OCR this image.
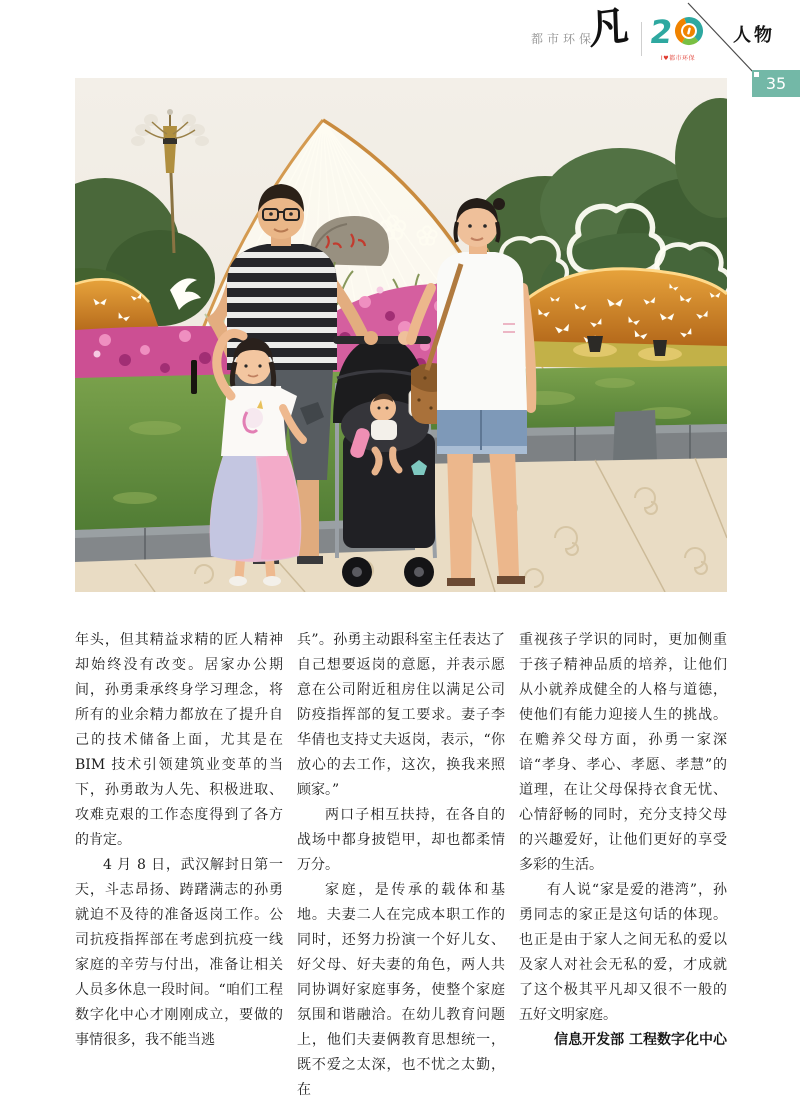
都市环保
凡 2
I♥都市环保
人物
35

年头，但其精益求精的匠人精神却始终没有改变。居家办公期间，孙勇秉承终身学习理念，将所有的业余精力都放在了提升自己的技术储备上面，尤其是在 BIM 技术引领建筑业变革的当下，孙勇敢为人先、积极进取、攻难克艰的工作态度得到了各方的肯定。

4 月 8 日，武汉解封日第一天，斗志昂扬、踌躇满志的孙勇就迫不及待的准备返岗工作。公司抗疫指挥部在考虑到抗疫一线家庭的辛劳与付出，准备让相关人员多休息一段时间。“咱们工程数字化中心才刚刚成立，要做的事情很多，我不能当逃

兵”。孙勇主动跟科室主任表达了自己想要返岗的意愿，并表示愿意在公司附近租房住以满足公司防疫指挥部的复工要求。妻子李华倩也支持丈夫返岗，表示，“你放心的去工作，这次，换我来照顾家。”

两口子相互扶持，在各自的战场中都身披铠甲，却也都柔情万分。

家庭，是传承的载体和基地。夫妻二人在完成本职工作的同时，还努力扮演一个好儿女、好父母、好夫妻的角色，两人共同协调好家庭事务，使整个家庭氛围和谐融洽。在幼儿教育问题上，他们夫妻俩教育思想统一，既不爱之太深，也不忧之太勤，在

重视孩子学识的同时，更加侧重于孩子精神品质的培养，让他们从小就养成健全的人格与道德，使他们有能力迎接人生的挑战。在赡养父母方面，孙勇一家深谙“孝身、孝心、孝愿、孝慧”的道理，在让父母保持衣食无忧、心情舒畅的同时，充分支持父母的兴趣爱好，让他们更好的享受多彩的生活。

有人说“家是爱的港湾”，孙勇同志的家正是这句话的体现。也正是由于家人之间无私的爱以及家人对社会无私的爱，才成就了这个极其平凡却又很不一般的五好文明家庭。

信息开发部 工程数字化中心
